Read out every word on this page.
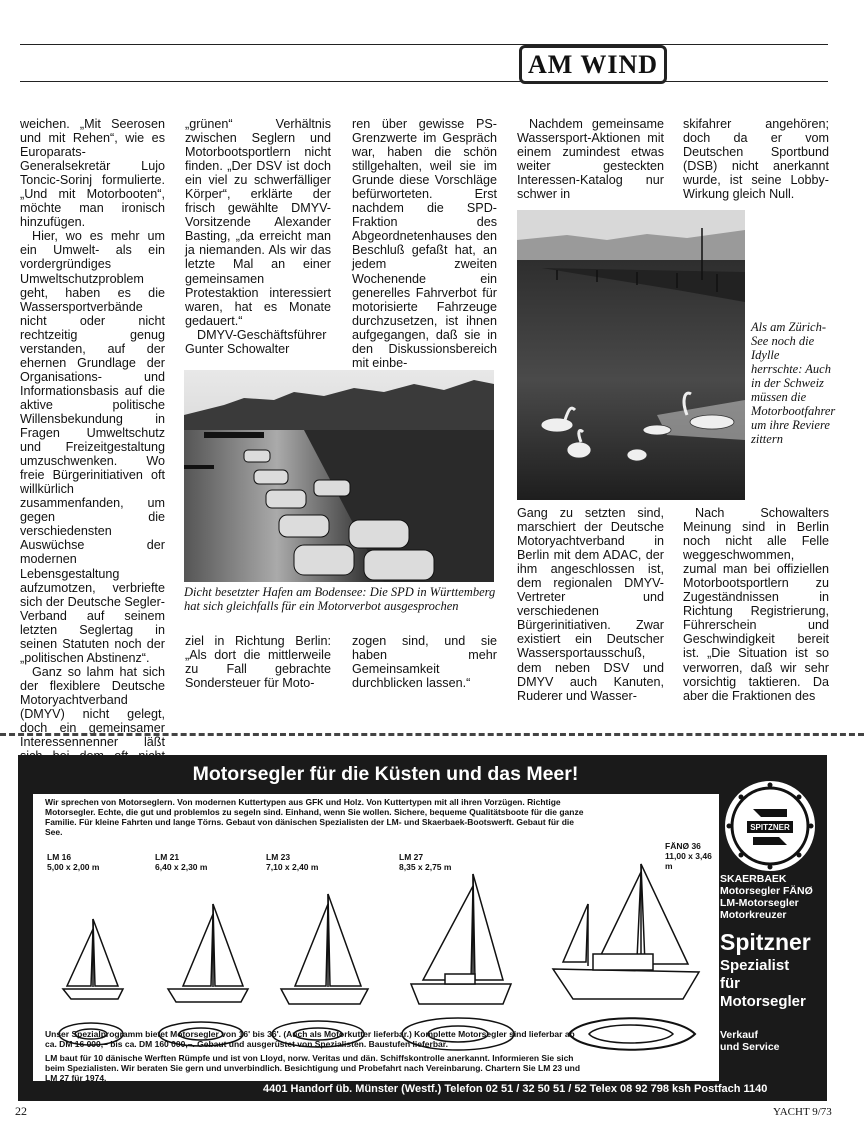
AM WIND

weichen. „Mit Seerosen und mit Rehen“, wie es Europarats-Generalsekretär Lujo Toncic-Sorinj formulierte. „Und mit Motorbooten“, möchte man ironisch hinzufügen.

Hier, wo es mehr um ein Umwelt- als ein vordergründiges Umweltschutzproblem geht, haben es die Wassersportverbände nicht oder nicht rechtzeitig genug verstanden, auf der ehernen Grundlage der Organisations- und Informationsbasis auf die aktive politische Willensbekundung in Fragen Umweltschutz und Freizeitgestaltung umzuschwenken. Wo freie Bürgerinitiativen oft willkürlich zusammenfanden, um gegen die verschiedensten Auswüchse der modernen Lebensgestaltung aufzumotzen, verbriefte sich der Deutsche Segler-Verband auf seinem letzten Seglertag in seinen Statuten noch der „politischen Abstinenz“.

Ganz so lahm hat sich der flexiblere Deutsche Motoryachtverband (DMYV) nicht gelegt, doch ein gemeinsamer Interessennenner läßt

„grünen“ Verhältnis zwischen Seglern und Motorbootsportlern nicht finden. „Der DSV ist doch ein viel zu schwerfälliger Körper“, erklärte der frisch gewählte DMYV-Vorsitzende Alexander Basting, „da erreicht man ja niemanden. Als wir das letzte Mal an einer gemeinsamen Protestaktion interessiert waren, hat es Monate gedauert.“

DMYV-Geschäftsführer Gunter Schowalter

ren über gewisse PS-Grenzwerte im Gespräch war, haben die schön stillgehalten, weil sie im Grunde diese Vorschläge befürworteten. Erst nachdem die SPD-Fraktion des Abgeordnetenhauses den Beschluß gefaßt hat, an jedem zweiten Wochenende ein generelles Fahrverbot für motorisierte Fahrzeuge durchzusetzen, ist ihnen aufgegangen, daß sie in den Diskussionsbereich mit einbe-

Nachdem gemeinsame Wassersport-Aktionen mit einem zumindest etwas weiter gesteckten Interessen-Katalog nur schwer in

skifahrer angehören; doch da er vom Deutschen Sportbund (DSB) nicht anerkannt wurde, ist seine Lobby-Wirkung gleich Null.

Dicht besetzter Hafen am Bodensee: Die SPD in Württemberg hat sich gleichfalls für ein Motorverbot ausgesprochen

ziel in Richtung Berlin: „Als dort die mittlerweile zu Fall gebrachte Sondersteuer für Moto-

zogen sind, und sie haben mehr Gemeinsamkeit durchblicken lassen.“

Als am Zürich-See noch die Idylle herrschte: Auch in der Schweiz müssen die Motorbootfahrer um ihre Reviere zittern

Gang zu setzten sind, marschiert der Deutsche Motoryachtverband in Berlin mit dem ADAC, der ihm angeschlossen ist, dem regionalen DMYV-Vertreter und verschiedenen Bürgerinitiativen. Zwar existiert ein Deutscher Wassersportausschuß, dem neben DSV und DMYV auch Kanuten, Ruderer und Wasser-

Nach Schowalters Meinung sind in Berlin noch nicht alle Felle weggeschwommen, zumal man bei offiziellen Motorbootsportlern zu Zugeständnissen in Richtung Registrierung, Führerschein und Geschwindigkeit bereit ist. „Die Situation ist so verworren, daß wir sehr vorsichtig taktieren. Da aber die Fraktionen des

Motorsegler für die Küsten und das Meer!
Wir sprechen von Motorseglern. Von modernen Kuttertypen aus GFK und Holz. Von Kuttertypen mit all ihren Vorzügen. Richtige Motorsegler. Echte, die gut und problemlos zu segeln sind. Einhand, wenn Sie wollen. Sichere, bequeme Qualitätsboote für die ganze Familie. Für kleine Fahrten und lange Törns. Gebaut von dänischen Spezialisten der LM- und Skaerbaek-Bootswerft. Gebaut für die See.
LM 16
5,00 x 2,00 m
LM 21
6,40 x 2,30 m
LM 23
7,10 x 2,40 m
LM 27
8,35 x 2,75 m
FÄNØ 36
11,00 x 3,46 m
Unser Spezialprogramm bietet Motorsegler von 16' bis 36'. (Auch als Motorkutter lieferbar.) Komplette Motorsegler sind lieferbar ab ca. DM 16 000,– bis ca. DM 160 000,–. Gebaut und ausgerüstet von Spezialisten. Baustufen lieferbar.
LM baut für 10 dänische Werften Rümpfe und ist von Lloyd, norw. Veritas und dän. Schiffskontrolle anerkannt. Informieren Sie sich beim Spezialisten. Wir beraten Sie gern und unverbindlich. Besichtigung und Probefahrt nach Vereinbarung. Chartern Sie LM 23 und LM 27 für 1974.
SPITZNER
SKAERBAEK
Motorsegler FÄNØ
LM-Motorsegler
Motorkreuzer
Spitzner
Spezialist
für
Motorsegler
Verkauf
und Service
4401 Handorf üb. Münster (Westf.) Telefon 02 51 / 32 50 51 / 52 Telex 08 92 798 ksh Postfach 1140
22	YACHT 9/73
